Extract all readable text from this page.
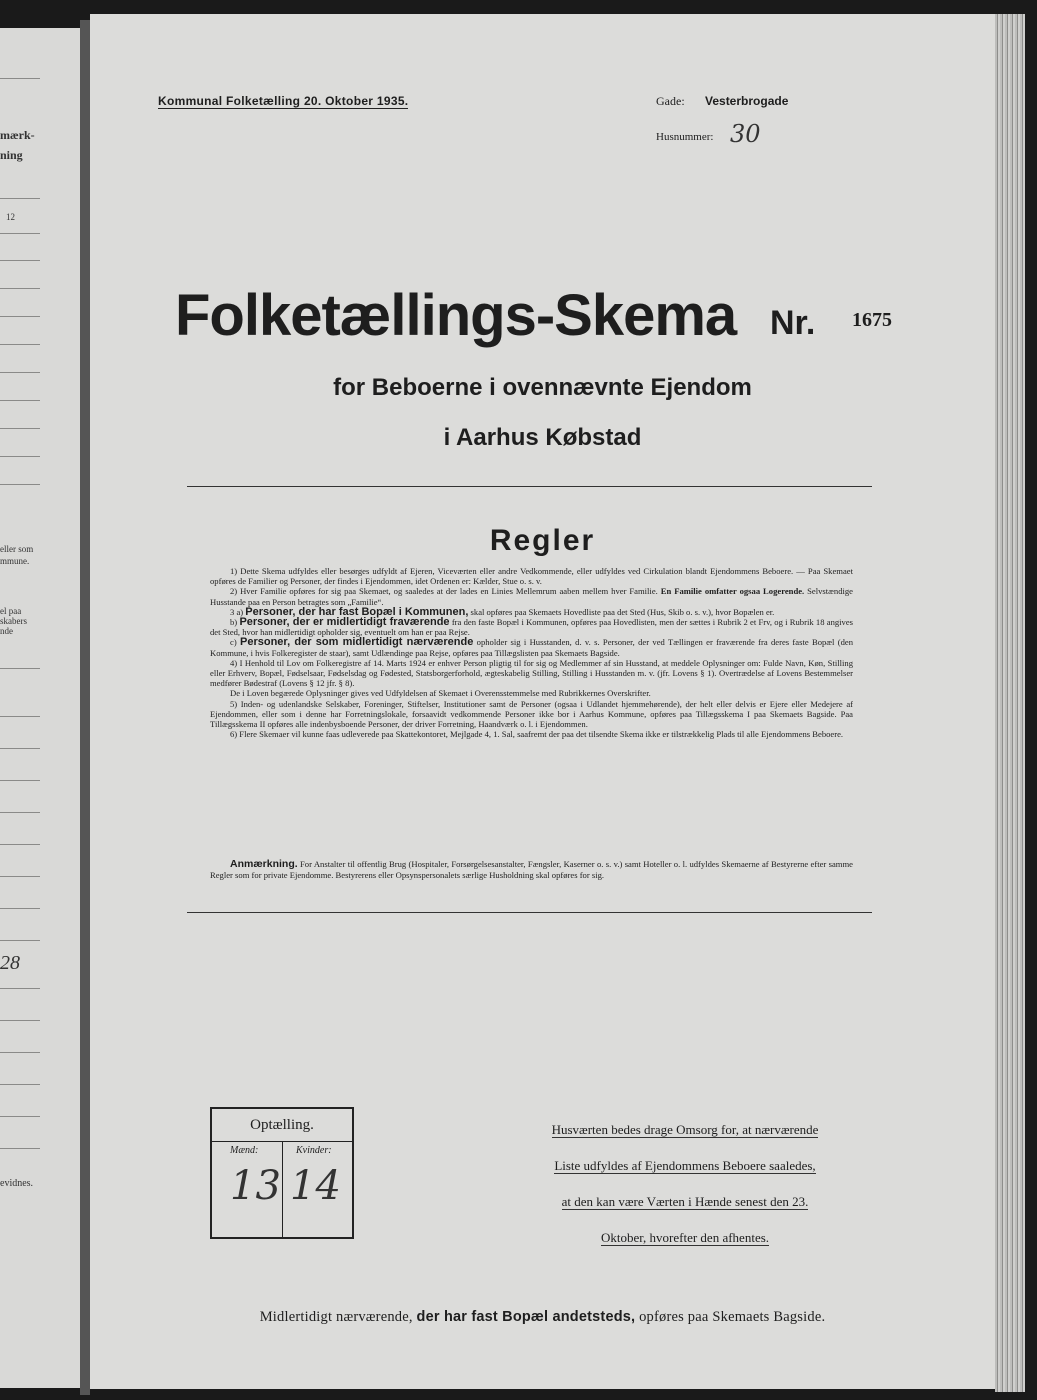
mærk-
ning
12
eller som
mmune.
el paa
skabers
nde
28
evidnes.
Kommunal Folketælling 20. Oktober 1935.	Gade: Vesterbrogade
Husnummer: 30
Folketællings-Skema Nr. 1675
for Beboerne i ovennævnte Ejendom
i Aarhus Købstad
Regler

1) Dette Skema udfyldes eller besørges udfyldt af Ejeren, Viceværten eller andre Vedkommende, eller udfyldes ved Cirkulation blandt Ejendommens Beboere. — Paa Skemaet opføres de Familier og Personer, der findes i Ejendommen, idet Ordenen er: Kælder, Stue o. s. v.

2) Hver Familie opføres for sig paa Skemaet, og saaledes at der lades en Linies Mellemrum aaben mellem hver Familie. En Familie omfatter ogsaa Logerende. Selvstændige Husstande paa en Person betragtes som „Familie“.

3 a) Personer, der har fast Bopæl i Kommunen, skal opføres paa Skemaets Hovedliste paa det Sted (Hus, Skib o. s. v.), hvor Bopælen er.

b) Personer, der er midlertidigt fraværende fra den faste Bopæl i Kommunen, opføres paa Hovedlisten, men der sættes i Rubrik 2 et Frv, og i Rubrik 18 angives det Sted, hvor han midlertidigt opholder sig, eventuelt om han er paa Rejse.

c) Personer, der som midlertidigt nærværende opholder sig i Husstanden, d. v. s. Personer, der ved Tællingen er fraværende fra deres faste Bopæl (den Kommune, i hvis Folkeregister de staar), samt Udlændinge paa Rejse, opføres paa Tillægslisten paa Skemaets Bagside.

4) I Henhold til Lov om Folkeregistre af 14. Marts 1924 er enhver Person pligtig til for sig og Medlemmer af sin Husstand, at meddele Oplysninger om: Fulde Navn, Køn, Stilling eller Erhverv, Bopæl, Fødselsaar, Fødselsdag og Fødested, Statsborgerforhold, ægteskabelig Stilling, Stilling i Husstanden m. v. (jfr. Lovens § 1). Overtrædelse af Lovens Bestemmelser medfører Bødestraf (Lovens § 12 jfr. § 8).

De i Loven begærede Oplysninger gives ved Udfyldelsen af Skemaet i Overensstemmelse med Rubrikkernes Overskrifter.

5) Inden- og udenlandske Selskaber, Foreninger, Stiftelser, Institutioner samt de Personer (ogsaa i Udlandet hjemmehørende), der helt eller delvis er Ejere eller Medejere af Ejendommen, eller som i denne har Forretningslokale, forsaavidt vedkommende Personer ikke bor i Aarhus Kommune, opføres paa Tillægsskema I paa Skemaets Bagside. Paa Tillægsskema II opføres alle indenbysboende Personer, der driver Forretning, Haandværk o. l. i Ejendommen.

6) Flere Skemaer vil kunne faas udleverede paa Skattekontoret, Mejlgade 4, 1. Sal, saafremt der paa det tilsendte Skema ikke er tilstrækkelig Plads til alle Ejendommens Beboere.

Anmærkning. For Anstalter til offentlig Brug (Hospitaler, Forsørgelsesanstalter, Fængsler, Kaserner o. s. v.) samt Hoteller o. l. udfyldes Skemaerne af Bestyrerne efter samme Regler som for private Ejendomme. Bestyrerens eller Opsynspersonalets særlige Husholdning skal opføres for sig.

Optælling.
Mænd:	Kvinder:
13 14
Husværten bedes drage Omsorg for, at nærværende
Liste udfyldes af Ejendommens Beboere saaledes,
at den kan være Værten i Hænde senest den 23.
Oktober, hvorefter den afhentes.
Midlertidigt nærværende, der har fast Bopæl andetsteds, opføres paa Skemaets Bagside.
